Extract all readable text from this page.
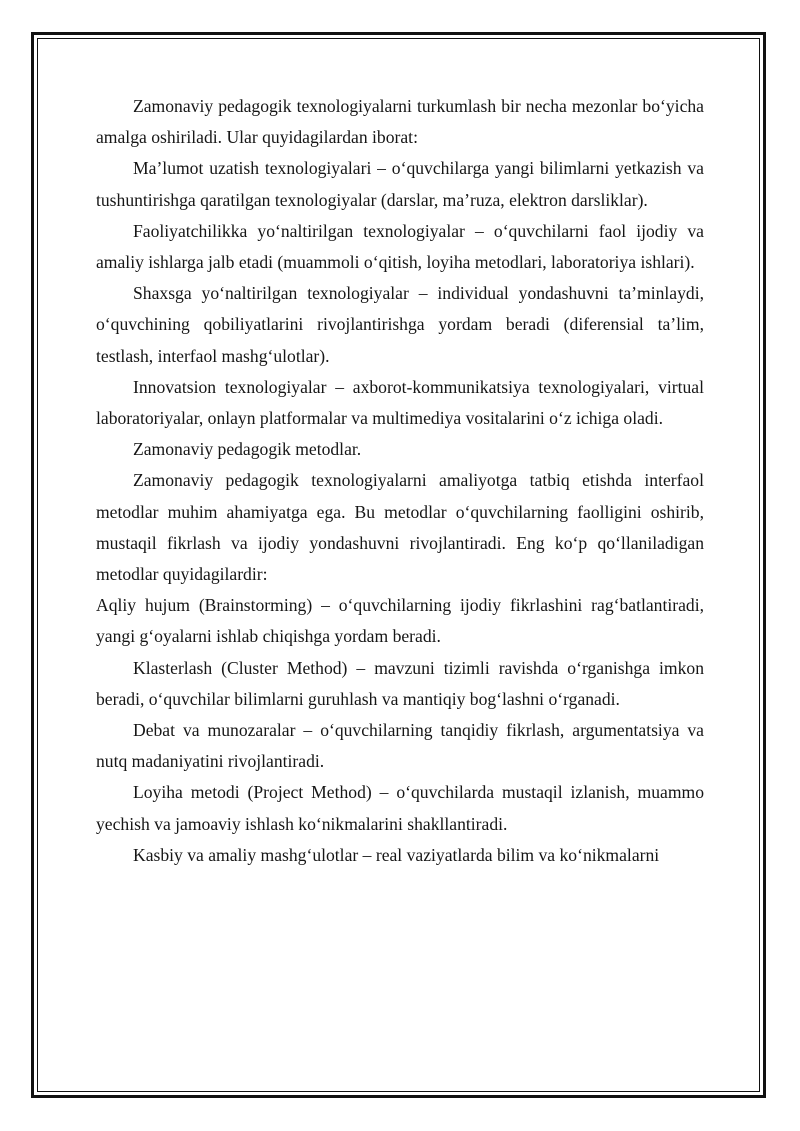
Zamonaviy pedagogik texnologiyalarni turkumlash bir necha mezonlar boʻyicha amalga oshiriladi. Ular quyidagilardan iborat:

Maʼlumot uzatish texnologiyalari – oʻquvchilarga yangi bilimlarni yetkazish va tushuntirishga qaratilgan texnologiyalar (darslar, maʼruza, elektron darsliklar).

Faoliyatchilikka yoʻnaltirilgan texnologiyalar – oʻquvchilarni faol ijodiy va amaliy ishlarga jalb etadi (muammoli oʻqitish, loyiha metodlari, laboratoriya ishlari).

Shaxsga yoʻnaltirilgan texnologiyalar – individual yondashuvni taʼminlaydi, oʻquvchining qobiliyatlarini rivojlantirishga yordam beradi (diferensial taʼlim, testlash, interfaol mashgʻulotlar).

Innovatsion texnologiyalar – axborot-kommunikatsiya texnologiyalari, virtual laboratoriyalar, onlayn platformalar va multimediya vositalarini oʻz ichiga oladi.

Zamonaviy pedagogik metodlar.

Zamonaviy pedagogik texnologiyalarni amaliyotga tatbiq etishda interfaol metodlar muhim ahamiyatga ega. Bu metodlar oʻquvchilarning faolligini oshirib, mustaqil fikrlash va ijodiy yondashuvni rivojlantiradi. Eng koʻp qoʻllaniladigan metodlar quyidagilardir:

Aqliy hujum (Brainstorming) – oʻquvchilarning ijodiy fikrlashini ragʻbatlantiradi, yangi gʻoyalarni ishlab chiqishga yordam beradi.

Klasterlash (Cluster Method) – mavzuni tizimli ravishda oʻrganishga imkon beradi, oʻquvchilar bilimlarni guruhlash va mantiqiy bogʻlashni oʻrganadi.

Debat va munozaralar – oʻquvchilarning tanqidiy fikrlash, argumentatsiya va nutq madaniyatini rivojlantiradi.

Loyiha metodi (Project Method) – oʻquvchilarda mustaqil izlanish, muammo yechish va jamoaviy ishlash koʻnikmalarini shakllantiradi.

Kasbiy va amaliy mashgʻulotlar – real vaziyatlarda bilim va koʻnikmalarni
